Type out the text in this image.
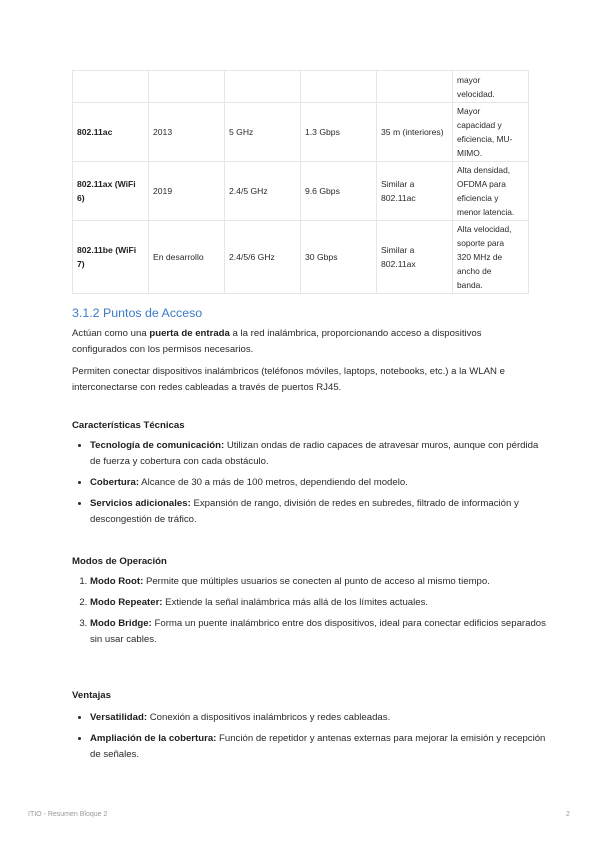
					mayor
velocidad.

802.11ac	2013	5 GHz	1.3 Gbps	35 m (interiores)	Mayor
capacidad y
eficiencia, MU-
MIMO.

802.11ax (WiFi 6)	2019	2.4/5 GHz	9.6 Gbps	Similar a 802.11ac	Alta densidad,
OFDMA para
eficiencia y
menor latencia.

802.11be (WiFi 7)	En desarrollo	2.4/5/6 GHz	30 Gbps	Similar a 802.11ax	Alta velocidad,
soporte para
320 MHz de
ancho de
banda.
3.1.2 Puntos de Acceso

Actúan como una puerta de entrada a la red inalámbrica, proporcionando acceso a dispositivos configurados con los permisos necesarios.

Permiten conectar dispositivos inalámbricos (teléfonos móviles, laptops, notebooks, etc.) a la WLAN e interconectarse con redes cableadas a través de puertos RJ45.

Características Técnicas
• Tecnología de comunicación: Utilizan ondas de radio capaces de atravesar muros, aunque con pérdida de fuerza y cobertura con cada obstáculo.
• Cobertura: Alcance de 30 a más de 100 metros, dependiendo del modelo.
• Servicios adicionales: Expansión de rango, división de redes en subredes, filtrado de información y descongestión de tráfico.
Modos de Operación
1. Modo Root: Permite que múltiples usuarios se conecten al punto de acceso al mismo tiempo.
2. Modo Repeater: Extiende la señal inalámbrica más allá de los límites actuales.
3. Modo Bridge: Forma un puente inalámbrico entre dos dispositivos, ideal para conectar edificios separados sin usar cables.
Ventajas
• Versatilidad: Conexión a dispositivos inalámbricos y redes cableadas.
• Ampliación de la cobertura: Función de repetidor y antenas externas para mejorar la emisión y recepción de señales.
ITIO - Resumen Bloque 2	2
